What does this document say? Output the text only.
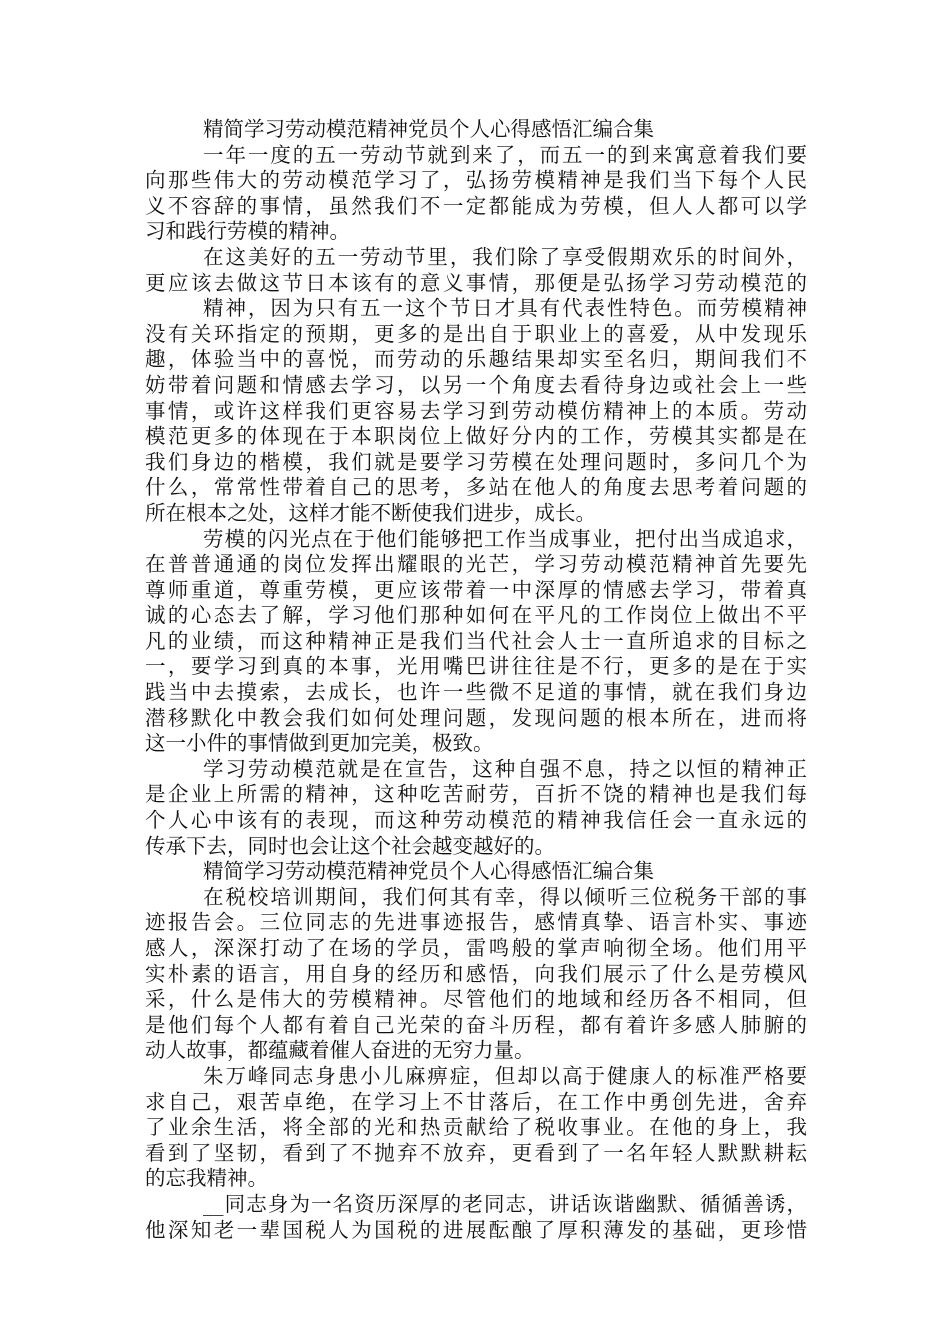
精简学习劳动模范精神党员个人心得感悟汇编合集
一年一度的五一劳动节就到来了，而五一的到来寓意着我们要
向那些伟大的劳动模范学习了，弘扬劳模精神是我们当下每个人民
义不容辞的事情，虽然我们不一定都能成为劳模，但人人都可以学
习和践行劳模的精神。
在这美好的五一劳动节里，我们除了享受假期欢乐的时间外，
更应该去做这节日本该有的意义事情，那便是弘扬学习劳动模范的
精神，因为只有五一这个节日才具有代表性特色。而劳模精神
没有关环指定的预期，更多的是出自于职业上的喜爱，从中发现乐
趣，体验当中的喜悦，而劳动的乐趣结果却实至名归，期间我们不
妨带着问题和情感去学习，以另一个角度去看待身边或社会上一些
事情，或许这样我们更容易去学习到劳动模仿精神上的本质。劳动
模范更多的体现在于本职岗位上做好分内的工作，劳模其实都是在
我们身边的楷模，我们就是要学习劳模在处理问题时，多问几个为
什么，常常性带着自己的思考，多站在他人的角度去思考着问题的
所在根本之处，这样才能不断使我们进步，成长。
劳模的闪光点在于他们能够把工作当成事业，把付出当成追求，
在普普通通的岗位发挥出耀眼的光芒，学习劳动模范精神首先要先
尊师重道，尊重劳模，更应该带着一中深厚的情感去学习，带着真
诚的心态去了解，学习他们那种如何在平凡的工作岗位上做出不平
凡的业绩，而这种精神正是我们当代社会人士一直所追求的目标之
一，要学习到真的本事，光用嘴巴讲往往是不行，更多的是在于实
践当中去摸索，去成长，也许一些微不足道的事情，就在我们身边
潜移默化中教会我们如何处理问题，发现问题的根本所在，进而将
这一小件的事情做到更加完美，极致。
学习劳动模范就是在宣告，这种自强不息，持之以恒的精神正
是企业上所需的精神，这种吃苦耐劳，百折不饶的精神也是我们每
个人心中该有的表现，而这种劳动模范的精神我信任会一直永远的
传承下去，同时也会让这个社会越变越好的。
精简学习劳动模范精神党员个人心得感悟汇编合集
在税校培训期间，我们何其有幸，得以倾听三位税务干部的事
迹报告会。三位同志的先进事迹报告，感情真挚、语言朴实、事迹
感人，深深打动了在场的学员，雷鸣般的掌声响彻全场。他们用平
实朴素的语言，用自身的经历和感悟，向我们展示了什么是劳模风
采，什么是伟大的劳模精神。尽管他们的地域和经历各不相同，但
是他们每个人都有着自己光荣的奋斗历程，都有着许多感人肺腑的
动人故事，都蕴藏着催人奋进的无穷力量。
朱万峰同志身患小儿麻痹症，但却以高于健康人的标准严格要
求自己，艰苦卓绝，在学习上不甘落后，在工作中勇创先进，舍弃
了业余生活，将全部的光和热贡献给了税收事业。在他的身上，我
看到了坚韧，看到了不抛弃不放弃，更看到了一名年轻人默默耕耘
的忘我精神。
__同志身为一名资历深厚的老同志，讲话诙谐幽默、循循善诱，
他深知老一辈国税人为国税的进展酝酿了厚积薄发的基础，更珍惜
